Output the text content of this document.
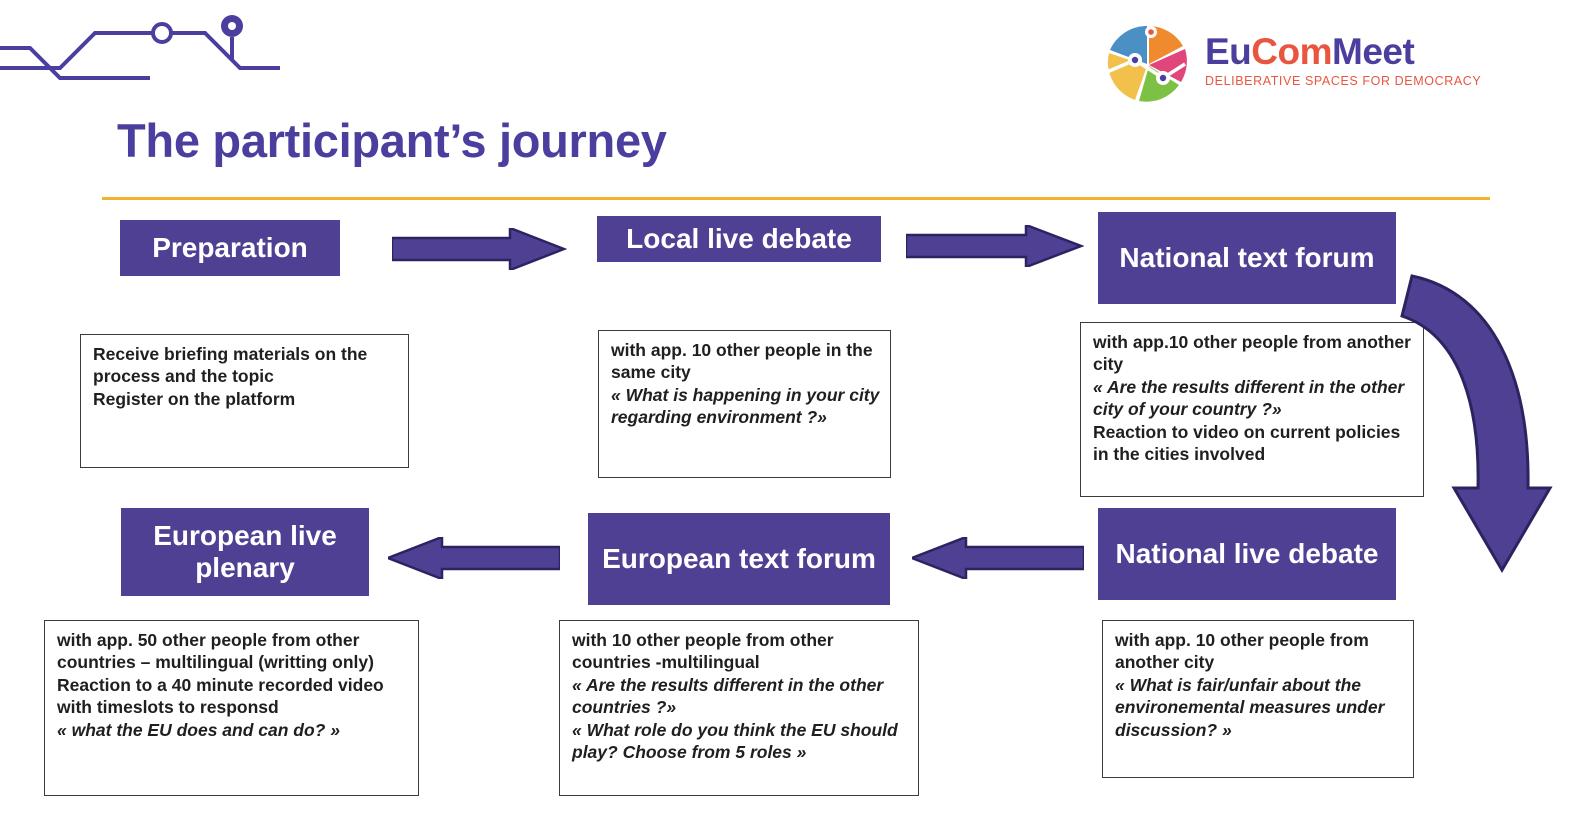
EuComMeet
DELIBERATIVE SPACES FOR DEMOCRACY
The participant’s journey
Preparation	Local live debate
National text forum
Receive briefing materials on the process and the topic
Register on the platform
with app. 10 other people in the same city
« What is happening in your city regarding environment ?»
with app.10 other people from another city
« Are the results different in the other city of your country ?»
Reaction to video on current policies in the cities involved
European live plenary	European text forum	National live debate
with app. 50 other people from other countries – multilingual (writting only)
Reaction to a 40 minute recorded video with timeslots to responsd
« what the EU does and can do? »
with 10 other people from other countries -multilingual
« Are the results different in the other countries ?»
« What role do you think the EU should play? Choose from 5 roles »
with app. 10 other people from another city
« What is fair/unfair about the environemental measures under discussion? »
